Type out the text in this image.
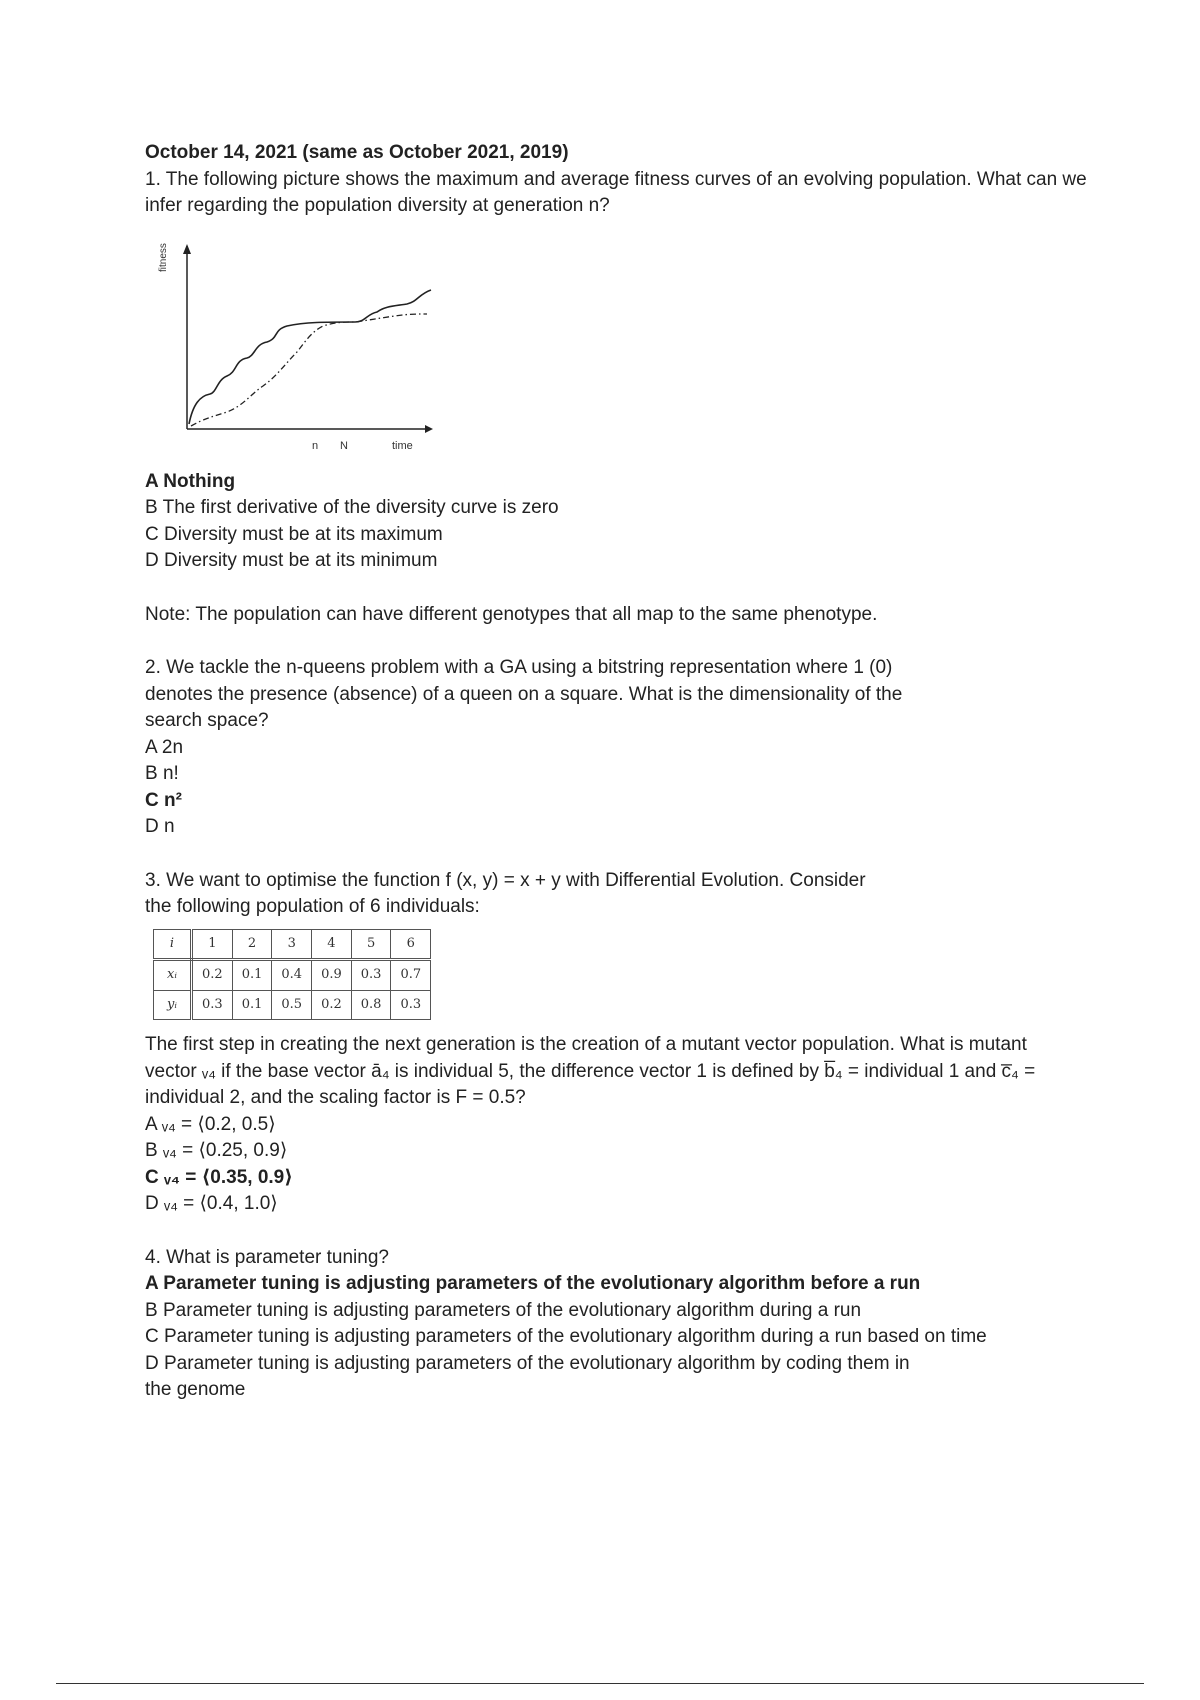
October 14, 2021 (same as October 2021, 2019)

1. The following picture shows the maximum and average fitness curves of an evolving population. What can we infer regarding the population diversity at generation n?

fitness
n N	time

A Nothing

B The first derivative of the diversity curve is zero

C Diversity must be at its maximum

D Diversity must be at its minimum

Note: The population can have different genotypes that all map to the same phenotype.

2. We tackle the n-queens problem with a GA using a bitstring representation where 1 (0)

denotes the presence (absence) of a queen on a square. What is the dimensionality of the

search space?

A 2n

B n!

C n²

D n

3. We want to optimise the function f (x, y) = x + y with Differential Evolution. Consider

the following population of 6 individuals:

i	1	2	3	4	5	6
xᵢ	0.2	0.1	0.4	0.9	0.3	0.7
yᵢ	0.3	0.1	0.5	0.2	0.8	0.3

The first step in creating the next generation is the creation of a mutant vector population. What is mutant

vector ᵥ₄ if the base vector ā₄ is individual 5, the difference vector 1 is defined by b̅₄ = individual 1 and c̅₄ =

individual 2, and the scaling factor is F = 0.5?

A ᵥ₄ = ⟨0.2, 0.5⟩

B ᵥ₄ = ⟨0.25, 0.9⟩

C ᵥ₄ = ⟨0.35, 0.9⟩

D ᵥ₄ = ⟨0.4, 1.0⟩

4. What is parameter tuning?

A Parameter tuning is adjusting parameters of the evolutionary algorithm before a run

B Parameter tuning is adjusting parameters of the evolutionary algorithm during a run

C Parameter tuning is adjusting parameters of the evolutionary algorithm during a run based on time

D Parameter tuning is adjusting parameters of the evolutionary algorithm by coding them in

the genome
